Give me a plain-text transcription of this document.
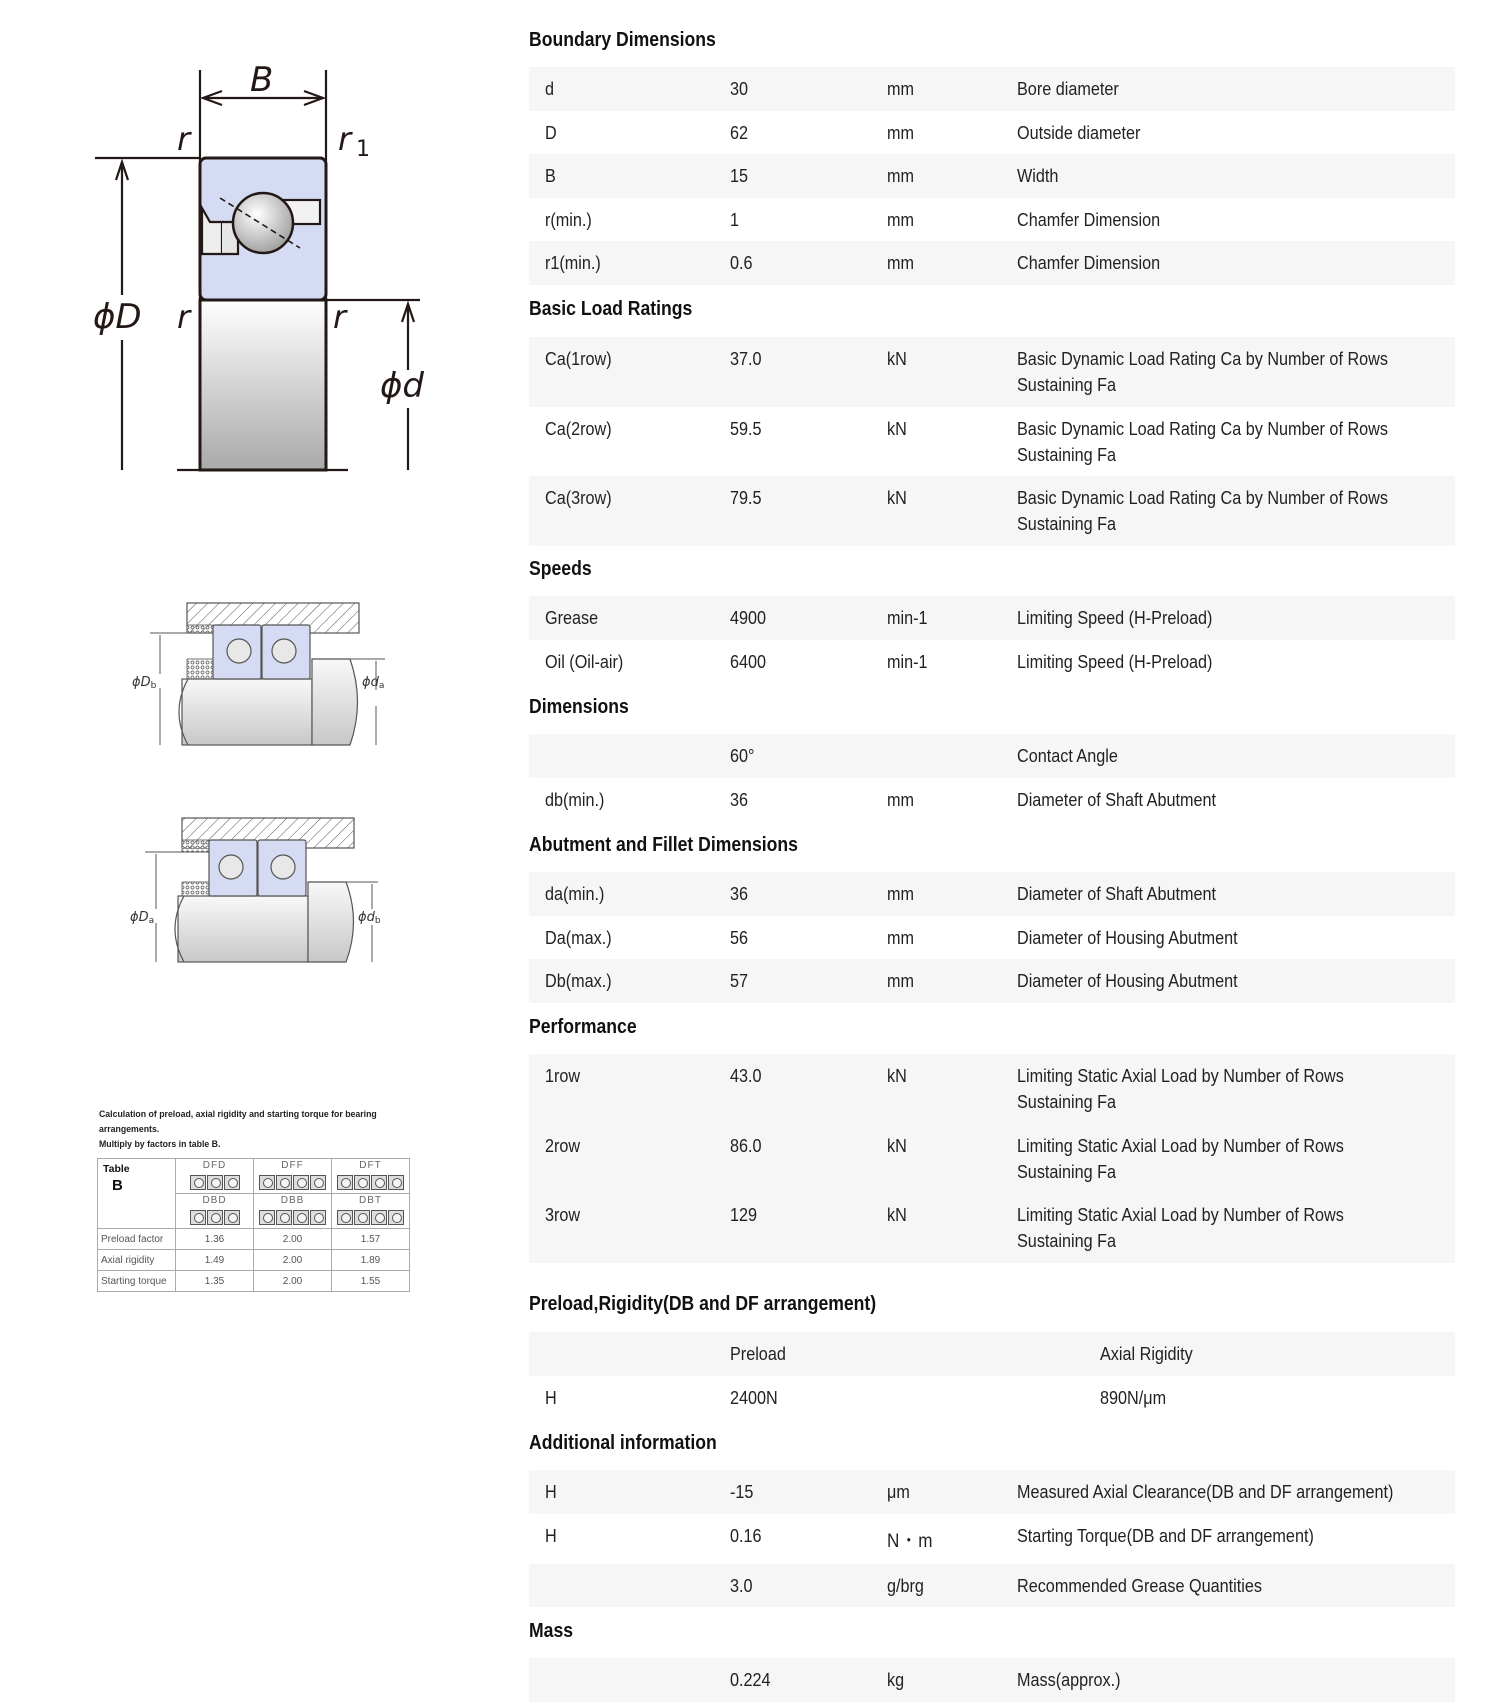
B
r	r 1
r	r
ϕD
ϕd
ϕDb	ϕda
ϕDa	ϕdb
Calculation of preload, axial rigidity and starting torque for bearing
arrangements.
Multiply by factors in table B.
Table
B	DFD	DFF	DFT

	DBD	DBB	DBT

Preload factor	1.36	2.00	1.57
Axial rigidity	1.49	2.00	1.89
Starting torque	1.35	2.00	1.55
Boundary Dimensions
d	30	mm	Bore diameter
D	62	mm	Outside diameter
B	15	mm	Width
r(min.)	1	mm	Chamfer Dimension
r1(min.)	0.6	mm	Chamfer Dimension
Basic Load Ratings
Ca(1row)	37.0	kN	Basic Dynamic Load Rating Ca by Number of Rows Sustaining Fa
Ca(2row)	59.5	kN	Basic Dynamic Load Rating Ca by Number of Rows Sustaining Fa
Ca(3row)	79.5	kN	Basic Dynamic Load Rating Ca by Number of Rows Sustaining Fa
Speeds
Grease	4900	min-1	Limiting Speed (H-Preload)
Oil (Oil-air)	6400	min-1	Limiting Speed (H-Preload)
Dimensions
	60°		Contact Angle
db(min.)	36	mm	Diameter of Shaft Abutment
Abutment and Fillet Dimensions
da(min.)	36	mm	Diameter of Shaft Abutment
Da(max.)	56	mm	Diameter of Housing Abutment
Db(max.)	57	mm	Diameter of Housing Abutment
Performance
1row	43.0	kN	Limiting Static Axial Load by Number of Rows Sustaining Fa
2row	86.0	kN	Limiting Static Axial Load by Number of Rows Sustaining Fa
3row	129	kN	Limiting Static Axial Load by Number of Rows Sustaining Fa
Preload,Rigidity(DB and DF arrangement)
	Preload	Axial Rigidity
H	2400N	890N/μm
Additional information
H	-15	μm	Measured Axial Clearance(DB and DF arrangement)
H	0.16	N・m	Starting Torque(DB and DF arrangement)
	3.0	g/brg	Recommended Grease Quantities
Mass
	0.224	kg	Mass(approx.)
